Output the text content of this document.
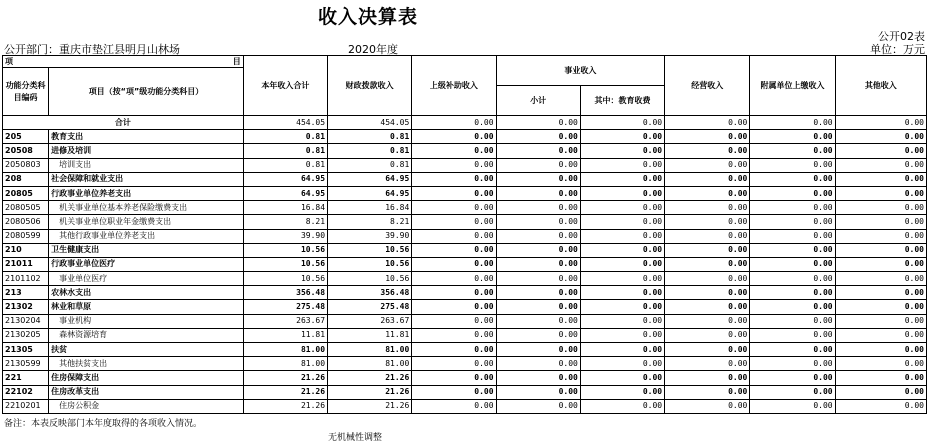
收入决算表
公开02表
公开部门：重庆市垫江县明月山林场	2020年度	单位：万元
项 目		本年收入合计	财政拨款收入	上级补助收入	事业收入		经营收入	附属单位上缴收入	其他收入
功能分类科目编码	项目（按“项”级功能分类科目）								
					小计	其中：教育收费			
合计		454.05	454.05	0.00	0.00	0.00	0.00	0.00	0.00
205	教育支出	0.81	0.81	0.00	0.00	0.00	0.00	0.00	0.00
20508	进修及培训	0.81	0.81	0.00	0.00	0.00	0.00	0.00	0.00
2050803	培训支出	0.81	0.81	0.00	0.00	0.00	0.00	0.00	0.00
208	社会保障和就业支出	64.95	64.95	0.00	0.00	0.00	0.00	0.00	0.00
20805	行政事业单位养老支出	64.95	64.95	0.00	0.00	0.00	0.00	0.00	0.00
2080505	机关事业单位基本养老保险缴费支出	16.84	16.84	0.00	0.00	0.00	0.00	0.00	0.00
2080506	机关事业单位职业年金缴费支出	8.21	8.21	0.00	0.00	0.00	0.00	0.00	0.00
2080599	其他行政事业单位养老支出	39.90	39.90	0.00	0.00	0.00	0.00	0.00	0.00
210	卫生健康支出	10.56	10.56	0.00	0.00	0.00	0.00	0.00	0.00
21011	行政事业单位医疗	10.56	10.56	0.00	0.00	0.00	0.00	0.00	0.00
2101102	事业单位医疗	10.56	10.56	0.00	0.00	0.00	0.00	0.00	0.00
213	农林水支出	356.48	356.48	0.00	0.00	0.00	0.00	0.00	0.00
21302	林业和草原	275.48	275.48	0.00	0.00	0.00	0.00	0.00	0.00
2130204	事业机构	263.67	263.67	0.00	0.00	0.00	0.00	0.00	0.00
2130205	森林资源培育	11.81	11.81	0.00	0.00	0.00	0.00	0.00	0.00
21305	扶贫	81.00	81.00	0.00	0.00	0.00	0.00	0.00	0.00
2130599	其他扶贫支出	81.00	81.00	0.00	0.00	0.00	0.00	0.00	0.00
221	住房保障支出	21.26	21.26	0.00	0.00	0.00	0.00	0.00	0.00
22102	住房改革支出	21.26	21.26	0.00	0.00	0.00	0.00	0.00	0.00
2210201	住房公积金	21.26	21.26	0.00	0.00	0.00	0.00	0.00	0.00
备注：本表反映部门本年度取得的各项收入情况。
无机械性调整
